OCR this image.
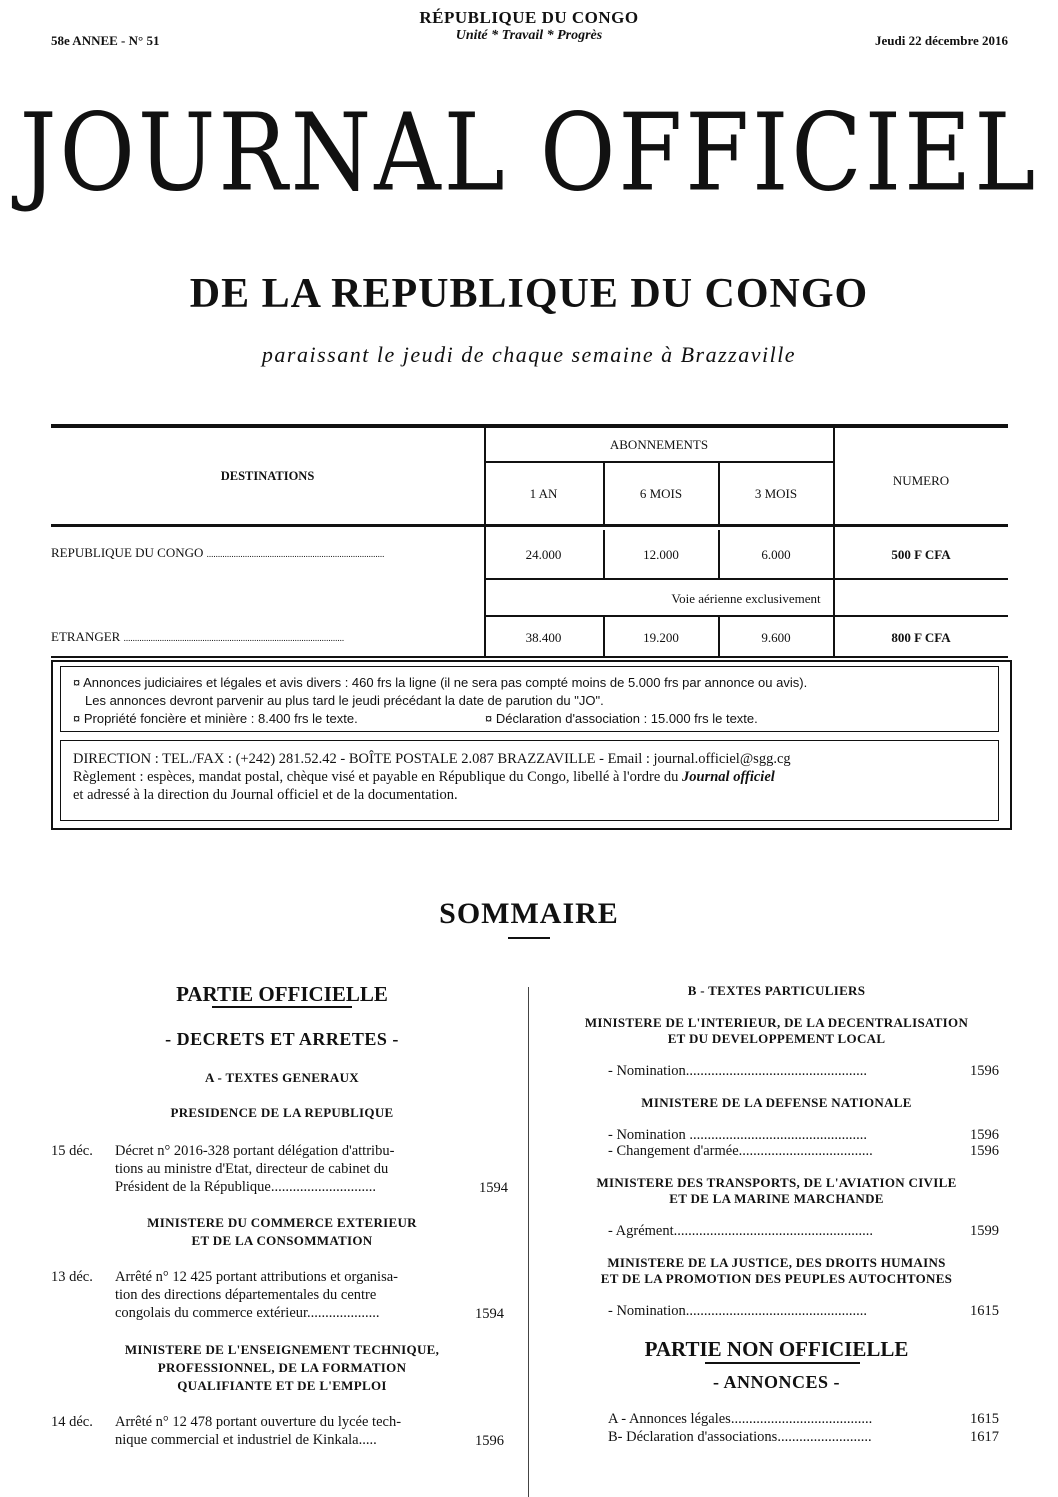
58e ANNEE - N° 51
RÉPUBLIQUE DU CONGO
Unité * Travail * Progrès	Jeudi 22 décembre 2016
JOURNAL OFFICIEL
DE LA REPUBLIQUE DU CONGO
paraissant le jeudi de chaque semaine à Brazzaville
DESTINATIONS
ABONNEMENTS
NUMERO
1 AN	6 MOIS	3 MOIS
REPUBLIQUE DU CONGO ...............................................................................	24.000	12.000	6.000	500 F CFA
Voie aérienne exclusivement
ETRANGER ..................................................................................................	38.400	19.200	9.600	800 F CFA
¤ Annonces judiciaires et légales et avis divers : 460 frs la ligne (il ne sera pas compté moins de 5.000 frs par annonce ou avis).
Les annonces devront parvenir au plus tard le jeudi précédant la date de parution du "JO".
¤ Propriété foncière et minière : 8.400 frs le texte.	¤ Déclaration d'association : 15.000 frs le texte.
DIRECTION : TEL./FAX : (+242) 281.52.42 - BOÎTE POSTALE 2.087 BRAZZAVILLE - Email : journal.officiel@sgg.cg
Règlement : espèces, mandat postal, chèque visé et payable en République du Congo, libellé à l'ordre du Journal officiel
et adressé à la direction du Journal officiel et de la documentation.
SOMMAIRE
PARTIE OFFICIELLE
- DECRETS ET ARRETES -
A - TEXTES GENERAUX
PRESIDENCE DE LA REPUBLIQUE
15 déc. Décret n° 2016-328 portant délégation d'attribu-
tions au ministre d'Etat, directeur de cabinet du
Président de la République.............................	1594
MINISTERE DU COMMERCE EXTERIEUR
ET DE LA CONSOMMATION
13 déc. Arrêté n° 12 425 portant attributions et organisa-
tion des directions départementales du centre
congolais du commerce extérieur....................	1594
MINISTERE DE L'ENSEIGNEMENT TECHNIQUE,
PROFESSIONNEL, DE LA FORMATION
QUALIFIANTE ET DE L'EMPLOI
14 déc. Arrêté n° 12 478 portant ouverture du lycée tech-
nique commercial et industriel de Kinkala.....	1596
B - TEXTES PARTICULIERS
MINISTERE DE L'INTERIEUR, DE LA DECENTRALISATION
ET DU DEVELOPPEMENT LOCAL
- Nomination..................................................	1596
MINISTERE DE LA DEFENSE NATIONALE
- Nomination .................................................	1596
- Changement d'armée.....................................	1596
MINISTERE DES TRANSPORTS, DE L'AVIATION CIVILE
ET DE LA MARINE MARCHANDE
- Agrément.......................................................	1599
MINISTERE DE LA JUSTICE, DES DROITS HUMAINS
ET DE LA PROMOTION DES PEUPLES AUTOCHTONES
- Nomination..................................................	1615
PARTIE NON OFFICIELLE
- ANNONCES -
A - Annonces légales.......................................	1615
B- Déclaration d'associations..........................	1617
